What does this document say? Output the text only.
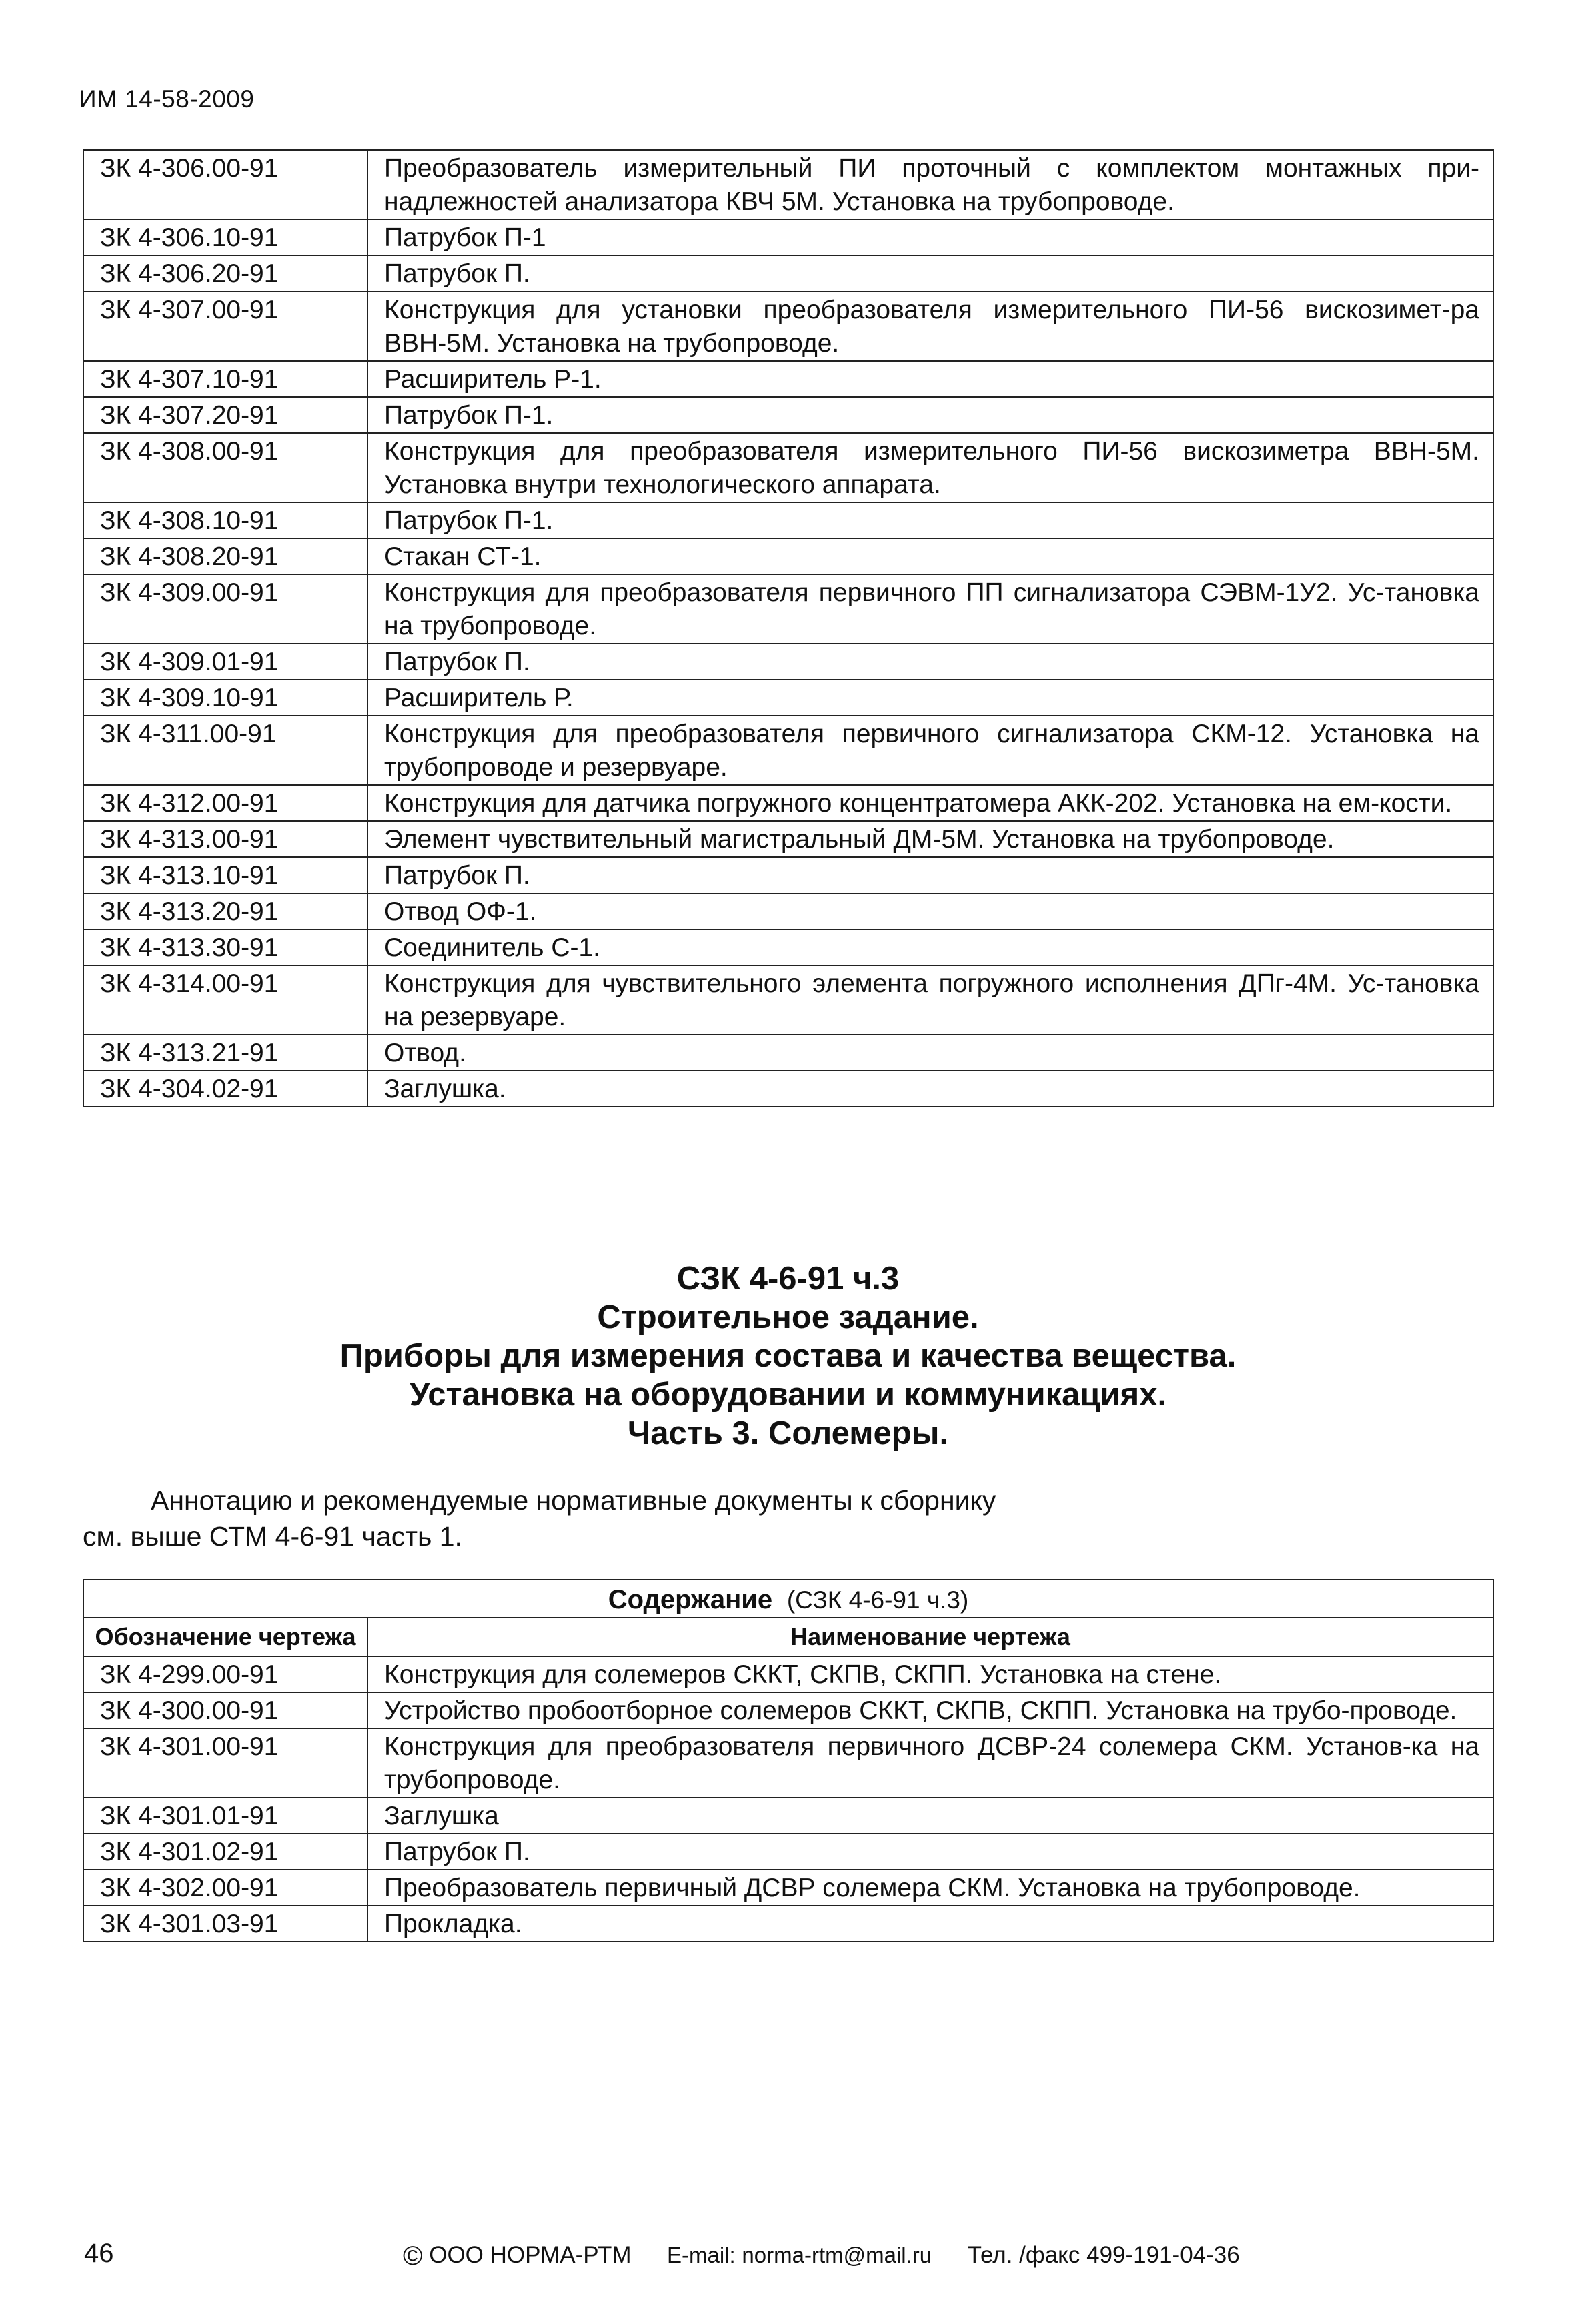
ИМ 14-58-2009
ЗК 4-306.00-91	Преобразователь измерительный ПИ проточный с комплектом монтажных при-надлежностей анализатора КВЧ 5М. Установка на трубопроводе.
ЗК 4-306.10-91	Патрубок П-1
ЗК 4-306.20-91	Патрубок П.
ЗК 4-307.00-91	Конструкция для установки преобразователя измерительного ПИ-56 вискозимет-ра ВВН-5М. Установка на трубопроводе.
ЗК 4-307.10-91	Расширитель Р-1.
ЗК 4-307.20-91	Патрубок П-1.
ЗК 4-308.00-91	Конструкция для преобразователя измерительного ПИ-56 вискозиметра ВВН-5М. Установка внутри технологического аппарата.
ЗК 4-308.10-91	Патрубок П-1.
ЗК 4-308.20-91	Стакан СТ-1.
ЗК 4-309.00-91	Конструкция для преобразователя первичного ПП сигнализатора СЭВМ-1У2. Ус-тановка на трубопроводе.
ЗК 4-309.01-91	Патрубок П.
ЗК 4-309.10-91	Расширитель Р.
ЗК 4-311.00-91	Конструкция для преобразователя первичного сигнализатора СКМ-12. Установка на трубопроводе и резервуаре.
ЗК 4-312.00-91	Конструкция для датчика погружного концентратомера АКК-202. Установка на ем-кости.
ЗК 4-313.00-91	Элемент чувствительный магистральный ДМ-5М. Установка на трубопроводе.
ЗК 4-313.10-91	Патрубок П.
ЗК 4-313.20-91	Отвод ОФ-1.
ЗК 4-313.30-91	Соединитель С-1.
ЗК 4-314.00-91	Конструкция для чувствительного элемента погружного исполнения ДПг-4М. Ус-тановка на резервуаре.
ЗК 4-313.21-91	Отвод.
ЗК 4-304.02-91	Заглушка.
СЗК 4-6-91 ч.3
Строительное задание.
Приборы для измерения состава и качества вещества.
Установка на оборудовании и коммуникациях.
Часть 3. Солемеры.
Аннотацию и рекомендуемые нормативные документы к сборнику
см. выше СТМ 4-6-91 часть 1.
Содержание (СЗК 4-6-91 ч.3)	
Обозначение чертежа	Наименование чертежа
ЗК 4-299.00-91	Конструкция для солемеров СККТ, СКПВ, СКПП. Установка на стене.
ЗК 4-300.00-91	Устройство пробоотборное солемеров СККТ, СКПВ, СКПП. Установка на трубо-проводе.
ЗК 4-301.00-91	Конструкция для преобразователя первичного ДСВР-24 солемера СКМ. Установ-ка на трубопроводе.
ЗК 4-301.01-91	Заглушка
ЗК 4-301.02-91	Патрубок П.
ЗК 4-302.00-91	Преобразователь первичный ДСВР солемера СКМ. Установка на трубопроводе.
ЗК 4-301.03-91	Прокладка.
46	© ООО НОРМА-РТМ E-mail: norma-rtm@mail.ru Тел. /факс 499-191-04-36
